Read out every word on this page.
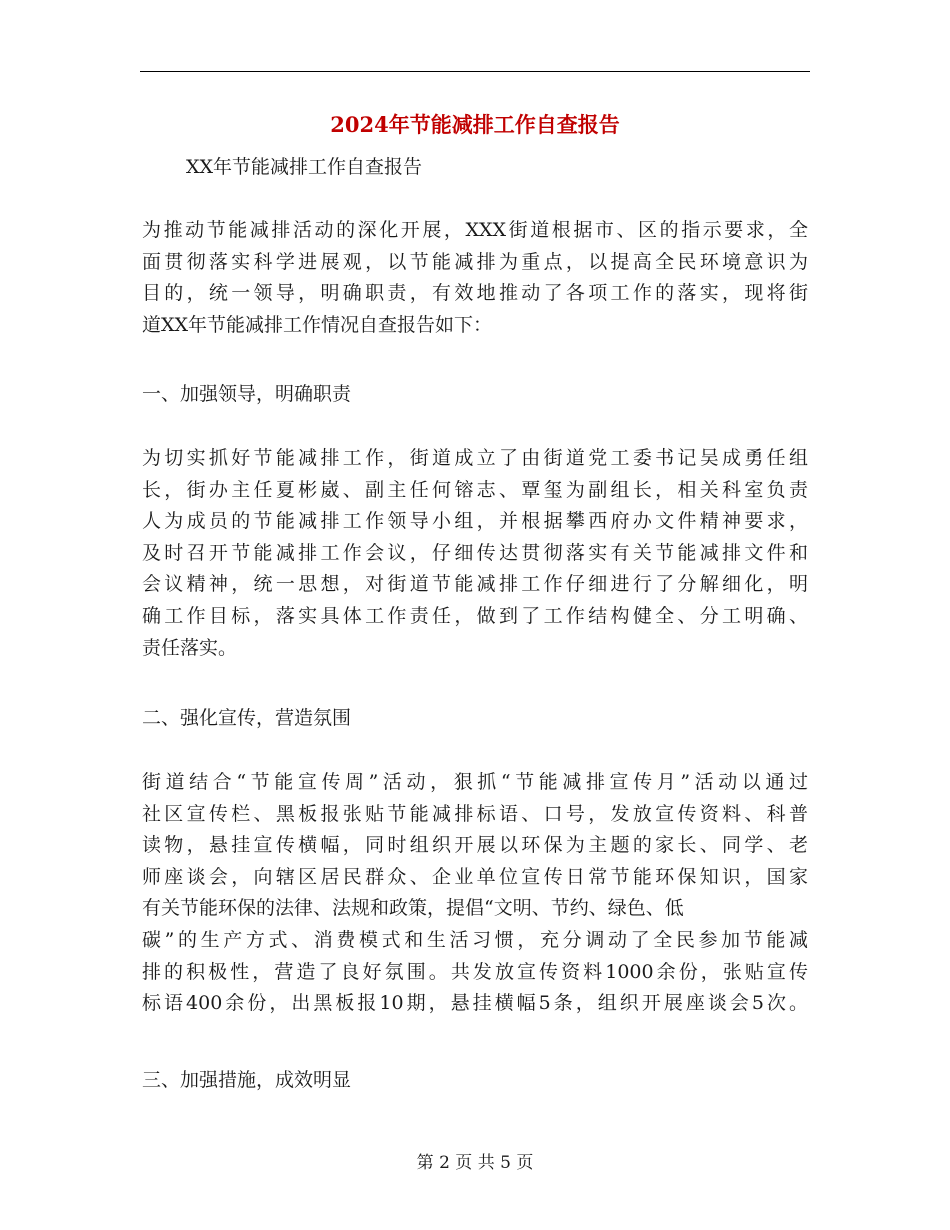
2024年节能减排工作自查报告
XX年节能减排工作自查报告
为推动节能减排活动的深化开展，XXX街道根据市、区的指示要求，全
面贯彻落实科学进展观，以节能减排为重点，以提高全民环境意识为
目的，统一领导，明确职责，有效地推动了各项工作的落实，现将街
道XX年节能减排工作情况自查报告如下：
一、加强领导，明确职责
为切实抓好节能减排工作，街道成立了由街道党工委书记吴成勇任组
长，街办主任夏彬崴、副主任何镕志、覃玺为副组长，相关科室负责
人为成员的节能减排工作领导小组，并根据攀西府办文件精神要求，
及时召开节能减排工作会议，仔细传达贯彻落实有关节能减排文件和
会议精神，统一思想，对街道节能减排工作仔细进行了分解细化，明
确工作目标，落实具体工作责任，做到了工作结构健全、分工明确、
责任落实。
二、强化宣传，营造氛围
街道结合“节能宣传周”活动，狠抓“节能减排宣传月”活动以通过
社区宣传栏、黑板报张贴节能减排标语、口号，发放宣传资料、科普
读物，悬挂宣传横幅，同时组织开展以环保为主题的家长、同学、老
师座谈会，向辖区居民群众、企业单位宣传日常节能环保知识，国家
有关节能环保的法律、法规和政策，提倡“文明、节约、绿色、低
碳”的生产方式、消费模式和生活习惯，充分调动了全民参加节能减
排的积极性，营造了良好氛围。共发放宣传资料1000余份，张贴宣传
标语400余份，出黑板报10期，悬挂横幅5条，组织开展座谈会5次。
三、加强措施，成效明显
第 2 页 共 5 页
